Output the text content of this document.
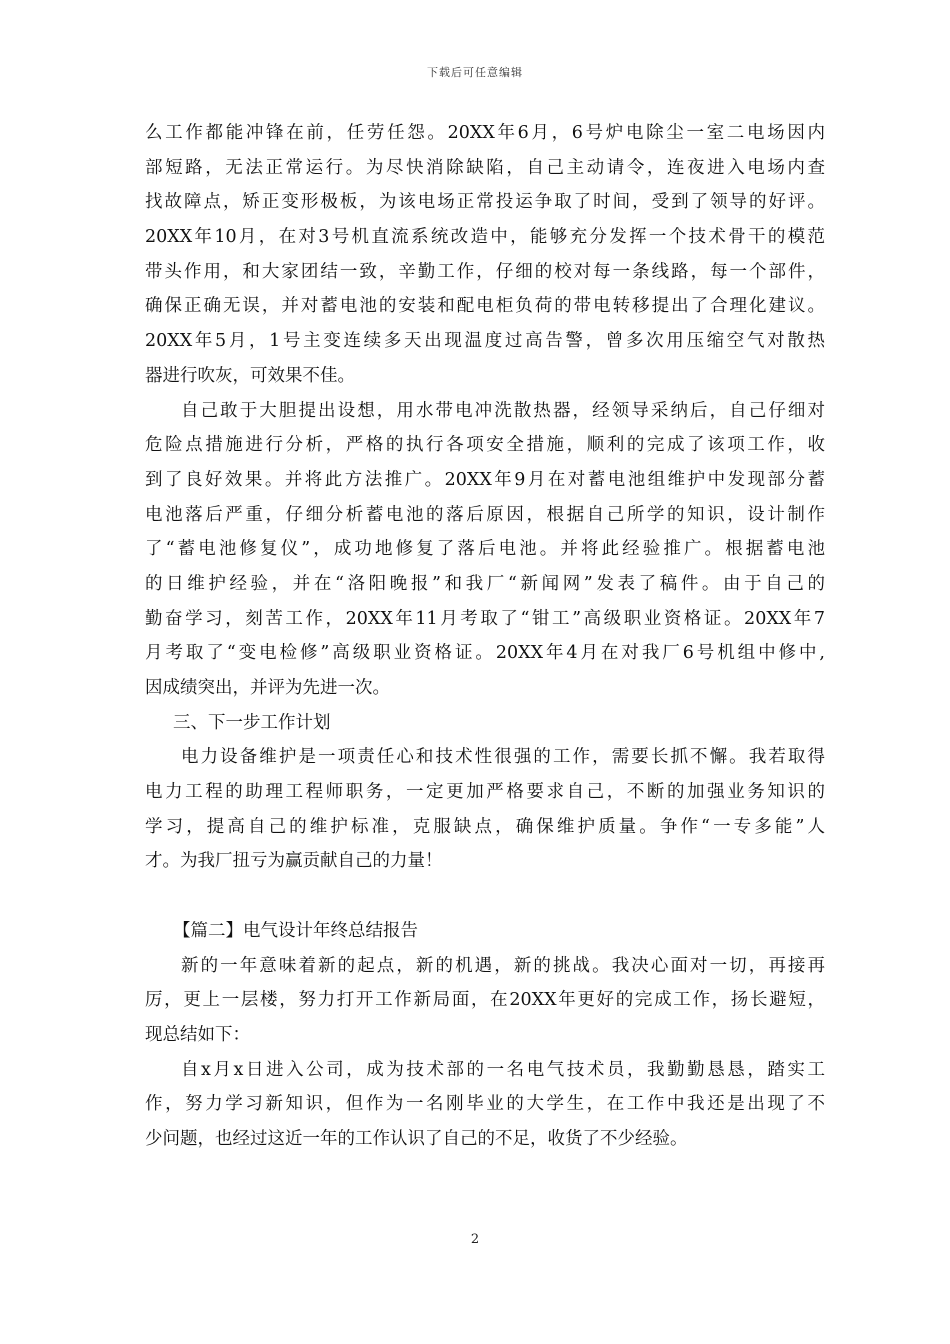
下载后可任意编辑
么工作都能冲锋在前，任劳任怨。20XX年6月，6号炉电除尘一室二电场因内
部短路，无法正常运行。为尽快消除缺陷，自己主动请令，连夜进入电场内查
找故障点，矫正变形极板，为该电场正常投运争取了时间，受到了领导的好评。
20XX年10月，在对3号机直流系统改造中，能够充分发挥一个技术骨干的模范
带头作用，和大家团结一致，辛勤工作，仔细的校对每一条线路，每一个部件，
确保正确无误，并对蓄电池的安装和配电柜负荷的带电转移提出了合理化建议。
20XX年5月，1号主变连续多天出现温度过高告警，曾多次用压缩空气对散热
器进行吹灰，可效果不佳。
自己敢于大胆提出设想，用水带电冲洗散热器，经领导采纳后，自己仔细对
危险点措施进行分析，严格的执行各项安全措施，顺利的完成了该项工作，收
到了良好效果。并将此方法推广。20XX年9月在对蓄电池组维护中发现部分蓄
电池落后严重，仔细分析蓄电池的落后原因，根据自己所学的知识，设计制作
了“蓄电池修复仪”，成功地修复了落后电池。并将此经验推广。根据蓄电池
的日维护经验，并在“洛阳晚报”和我厂“新闻网”发表了稿件。由于自己的
勤奋学习，刻苦工作，20XX年11月考取了“钳工”高级职业资格证。20XX年7
月考取了“变电检修”高级职业资格证。20XX年4月在对我厂6号机组中修中,
因成绩突出，并评为先进一次。
三、下一步工作计划
电力设备维护是一项责任心和技术性很强的工作，需要长抓不懈。我若取得
电力工程的助理工程师职务，一定更加严格要求自己，不断的加强业务知识的
学习，提高自己的维护标准，克服缺点，确保维护质量。争作“一专多能”人
才。为我厂扭亏为赢贡献自己的力量！
【篇二】电气设计年终总结报告
新的一年意味着新的起点，新的机遇，新的挑战。我决心面对一切，再接再
厉，更上一层楼，努力打开工作新局面，在20XX年更好的完成工作，扬长避短，
现总结如下：
自x月x日进入公司，成为技术部的一名电气技术员，我勤勤恳恳，踏实工
作，努力学习新知识，但作为一名刚毕业的大学生，在工作中我还是出现了不
少问题，也经过这近一年的工作认识了自己的不足，收货了不少经验。
2
